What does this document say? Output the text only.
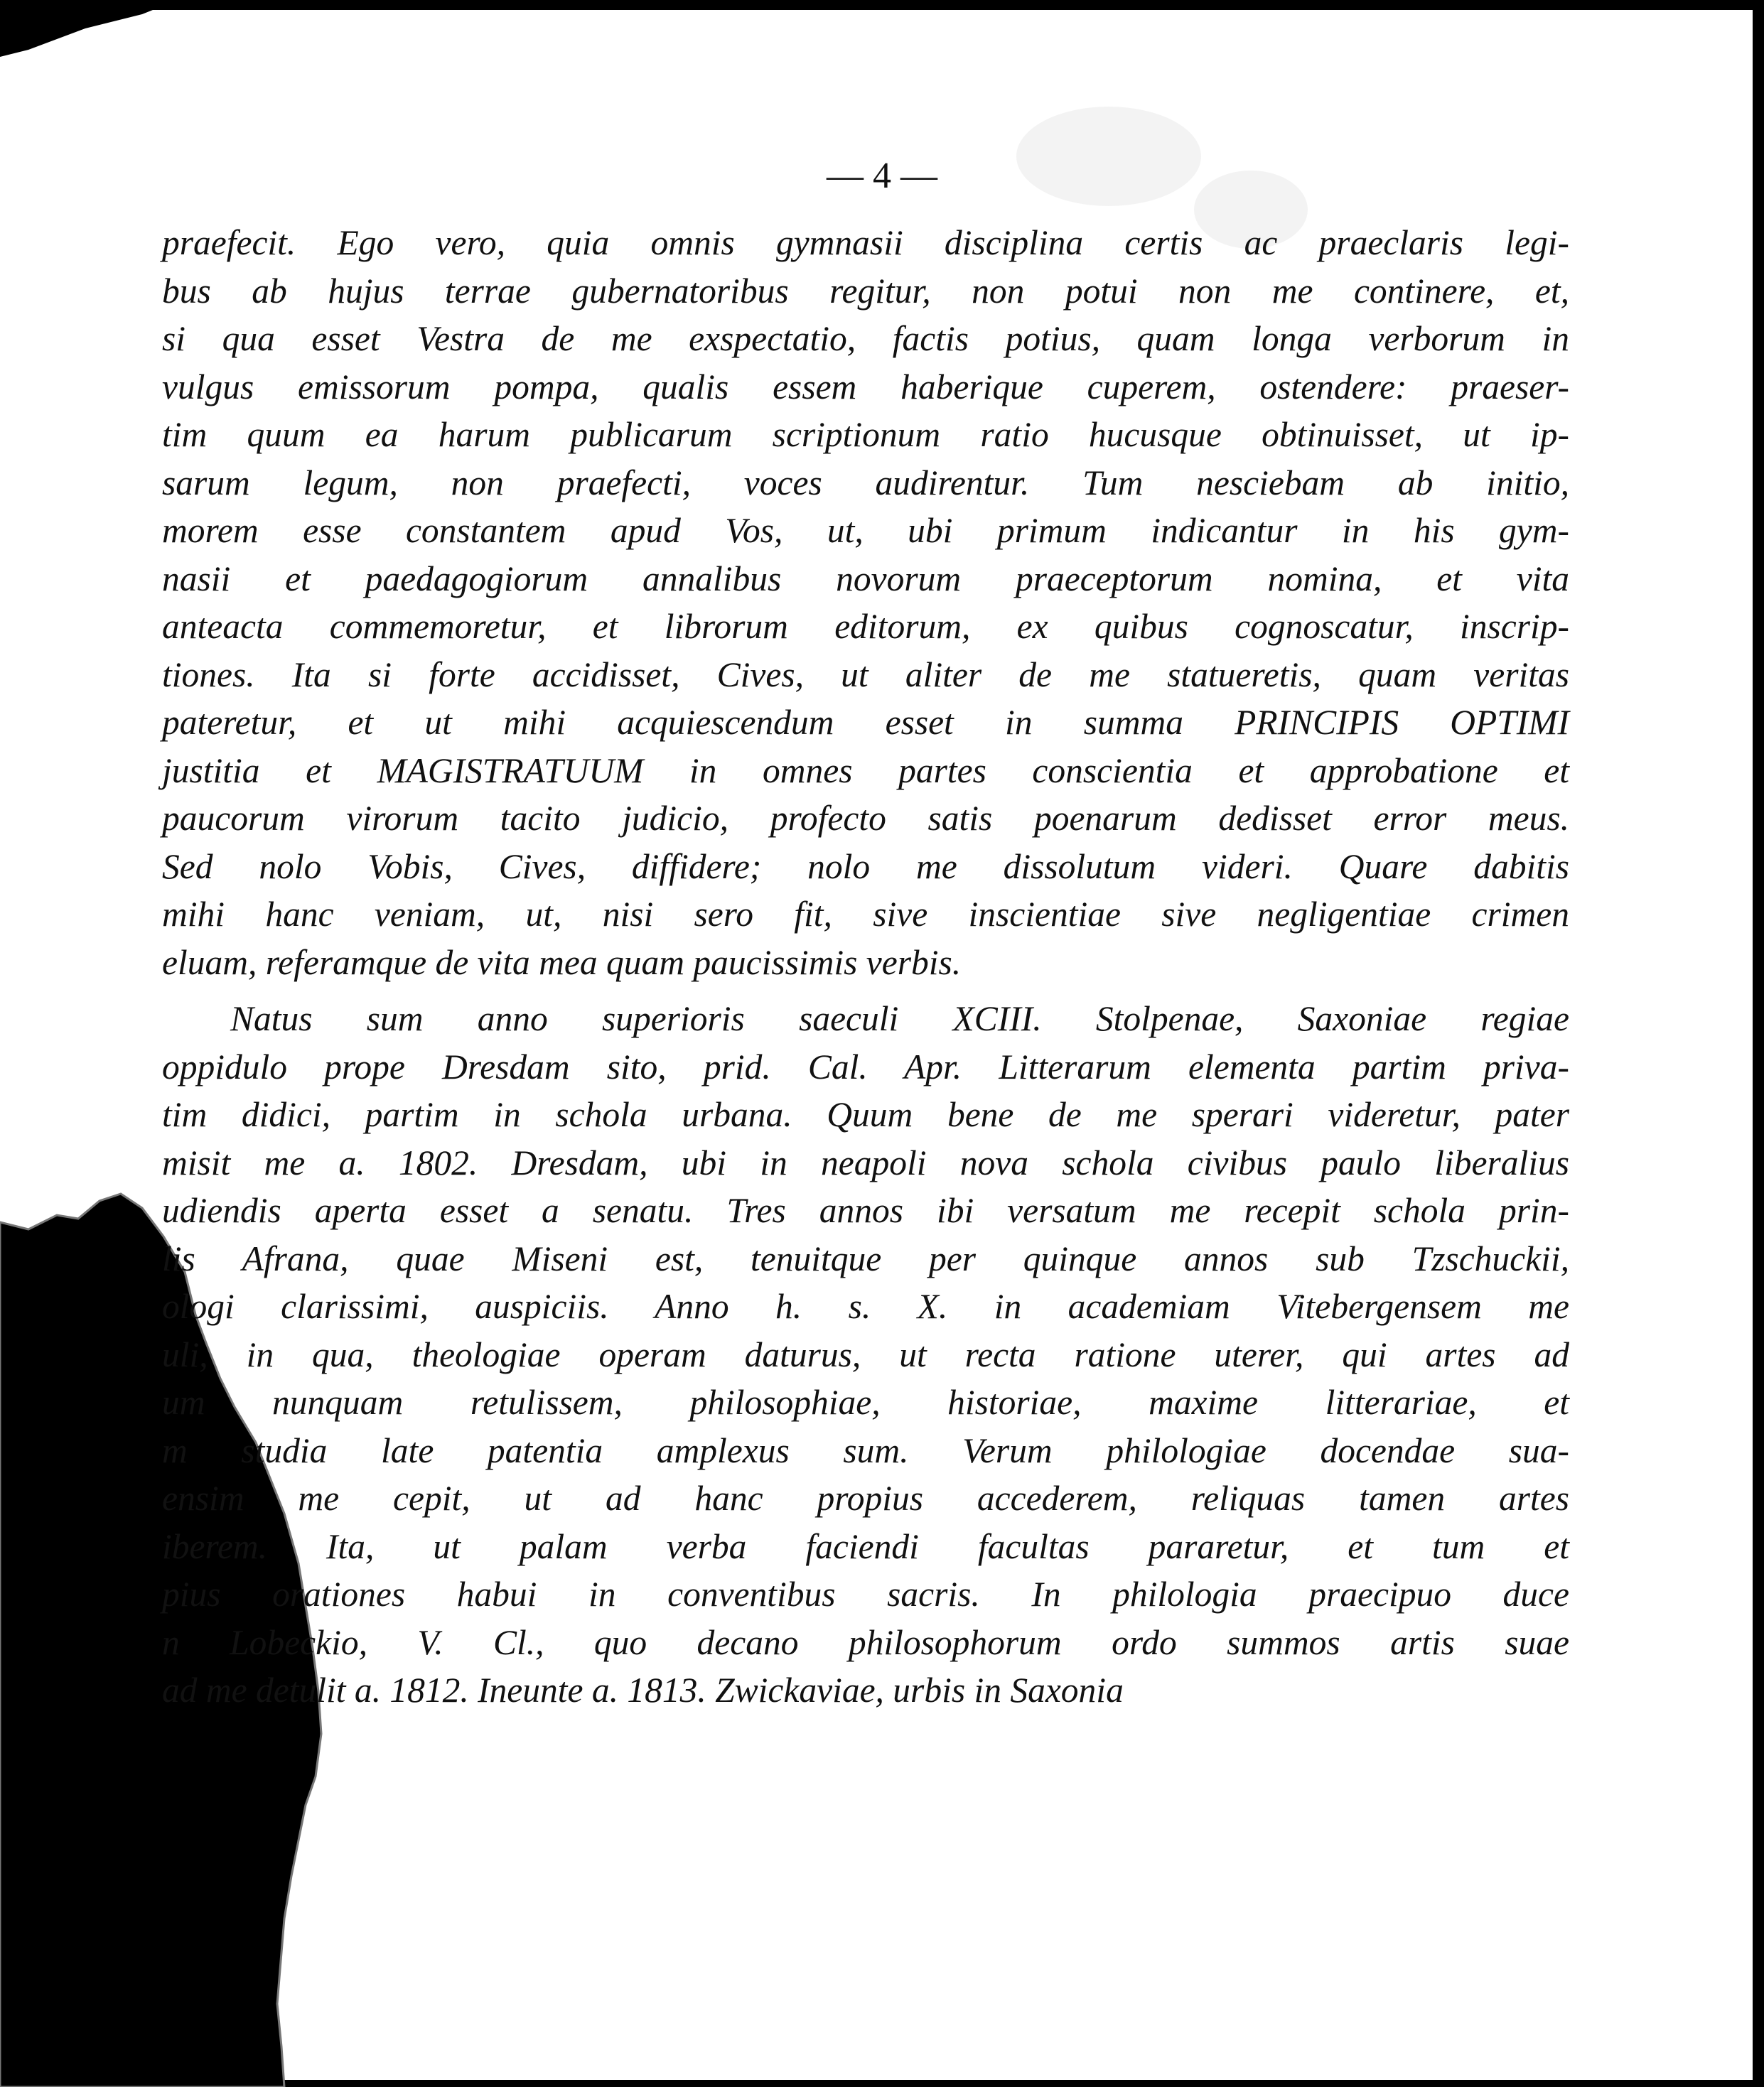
— 4 —
praefecit. Ego vero, quia omnis gymnasii disciplina certis ac praeclaris legi-
bus ab hujus terrae gubernatoribus regitur, non potui non me continere, et,
si qua esset Vestra de me exspectatio, factis potius, quam longa verborum in
vulgus emissorum pompa, qualis essem haberique cuperem, ostendere: praeser-
tim quum ea harum publicarum scriptionum ratio hucusque obtinuisset, ut ip-
sarum legum, non praefecti, voces audirentur. Tum nesciebam ab initio,
morem esse constantem apud Vos, ut, ubi primum indicantur in his gym-
nasii et paedagogiorum annalibus novorum praeceptorum nomina, et vita
anteacta commemoretur, et librorum editorum, ex quibus cognoscatur, inscrip-
tiones. Ita si forte accidisset, Cives, ut aliter de me statueretis, quam veritas
pateretur, et ut mihi acquiescendum esset in summa PRINCIPIS OPTIMI
justitia et MAGISTRATUUM in omnes partes conscientia et approbatione et
paucorum virorum tacito judicio, profecto satis poenarum dedisset error meus.
Sed nolo Vobis, Cives, diffidere; nolo me dissolutum videri. Quare dabitis
mihi hanc veniam, ut, nisi sero fit, sive inscientiae sive negligentiae crimen
eluam, referamque de vita mea quam paucissimis verbis.
Natus sum anno superioris saeculi XCIII. Stolpenae, Saxoniae regiae
oppidulo prope Dresdam sito, prid. Cal. Apr. Litterarum elementa partim priva-
tim didici, partim in schola urbana. Quum bene de me sperari videretur, pater
misit me a. 1802. Dresdam, ubi in neapoli nova schola civibus paulo liberalius
udiendis aperta esset a senatu. Tres annos ibi versatum me recepit schola prin-
lis Afrana, quae Miseni est, tenuitque per quinque annos sub Tzschuckii,
ologi clarissimi, auspiciis. Anno h. s. X. in academiam Vitebergensem me
uli, in qua, theologiae operam daturus, ut recta ratione uterer, qui artes ad
um nunquam retulissem, philosophiae, historiae, maxime litterariae, et
m studia late patentia amplexus sum. Verum philologiae docendae sua-
ensim me cepit, ut ad hanc propius accederem, reliquas tamen artes
iberem. Ita, ut palam verba faciendi facultas pararetur, et tum et
pius orationes habui in conventibus sacris. In philologia praecipuo duce
n Lobeckio, V. Cl., quo decano philosophorum ordo summos artis suae
ad me detulit a. 1812. Ineunte a. 1813. Zwickaviae, urbis in Saxonia
